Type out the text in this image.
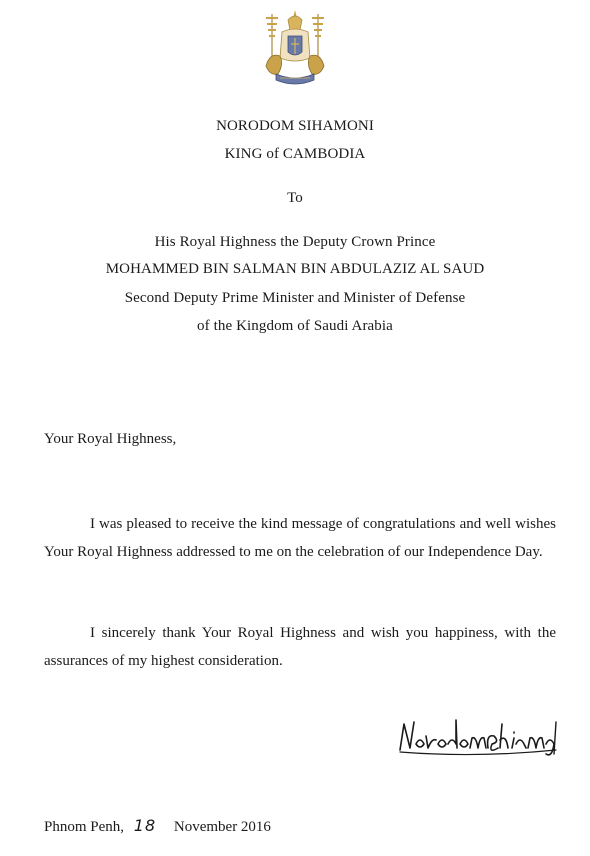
NORODOM SIHAMONI
KING of CAMBODIA
To
His Royal Highness the Deputy Crown Prince
MOHAMMED BIN SALMAN BIN ABDULAZIZ AL SAUD
Second Deputy Prime Minister and Minister of Defense
of the Kingdom of Saudi Arabia
Your Royal Highness,
I was pleased to receive the kind message of congratulations and well wishes Your Royal Highness addressed to me on the celebration of our Independence Day.
I sincerely thank Your Royal Highness and wish you happiness, with the assurances of my highest consideration.
Phnom Penh, 18 November 2016
